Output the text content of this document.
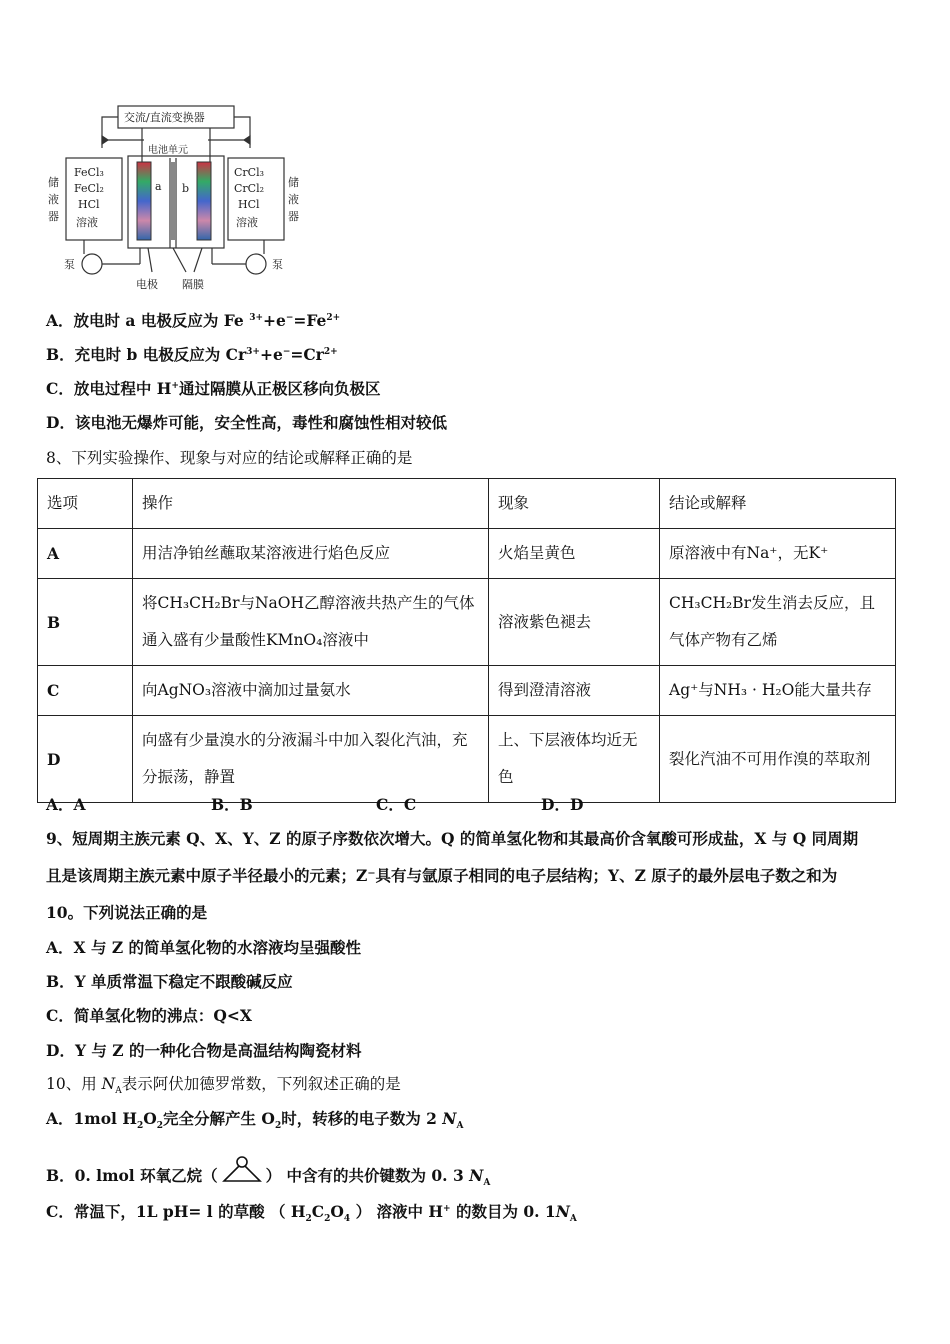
交流/直流变换器
电池单元
FeCl₃
FeCl₂
HCl
溶液
CrCl₃
CrCl₂
HCl
溶液
储
液
器
储
液
器
泵	泵
a b
电极 隔膜
A．放电时 a 电极反应为 Fe $^{3+}+e^-=Fe^{2+}$
B．充电时 b 电极反应为 $Cr^{3+}+e^-=Cr^{2+}$
C．放电过程中 H+通过隔膜从正极区移向负极区
D．该电池无爆炸可能，安全性高，毒性和腐蚀性相对较低
8、下列实验操作、现象与对应的结论或解释正确的是
选项	操作	现象	结论或解释
A	用洁净铂丝蘸取某溶液进行焰色反应	火焰呈黄色	原溶液中有Na⁺，无K⁺
B	将CH₃CH₂Br与NaOH乙醇溶液共热产生的气体通入盛有少量酸性KMnO₄溶液中	溶液紫色褪去	CH₃CH₂Br发生消去反应，且气体产物有乙烯
C	向AgNO₃溶液中滴加过量氨水	得到澄清溶液	Ag⁺与NH₃ · H₂O能大量共存
D	向盛有少量溴水的分液漏斗中加入裂化汽油，充分振荡，静置	上、下层液体均近无色	裂化汽油不可用作溴的萃取剂
A．A	B．B	C．C	D．D
9、短周期主族元素 Q、X、Y、Z 的原子序数依次增大。Q 的简单氢化物和其最高价含氧酸可形成盐，X 与 Q 同周期
且是该周期主族元素中原子半径最小的元素；Z⁻具有与氩原子相同的电子层结构；Y、Z 原子的最外层电子数之和为
10。下列说法正确的是
A．X 与 Z 的简单氢化物的水溶液均呈强酸性
B．Y 单质常温下稳定不跟酸碱反应
C．简单氢化物的沸点：Q<X
D．Y 与 Z 的一种化合物是高温结构陶瓷材料
10、用 $N_A$表示阿伏加德罗常数，下列叙述正确的是
A．1mol $H_2O_2$完全分解产生 $O_2$时，转移的电子数为 2 $N_A$
B．0. lmol 环氧乙烷（	） 中含有的共价键数为 0. 3 $N_A$
C．常温下，1L pH= l 的草酸 （ $H_2C_2O_4$ ） 溶液中 H+ 的数目为 0. $1N_A$
